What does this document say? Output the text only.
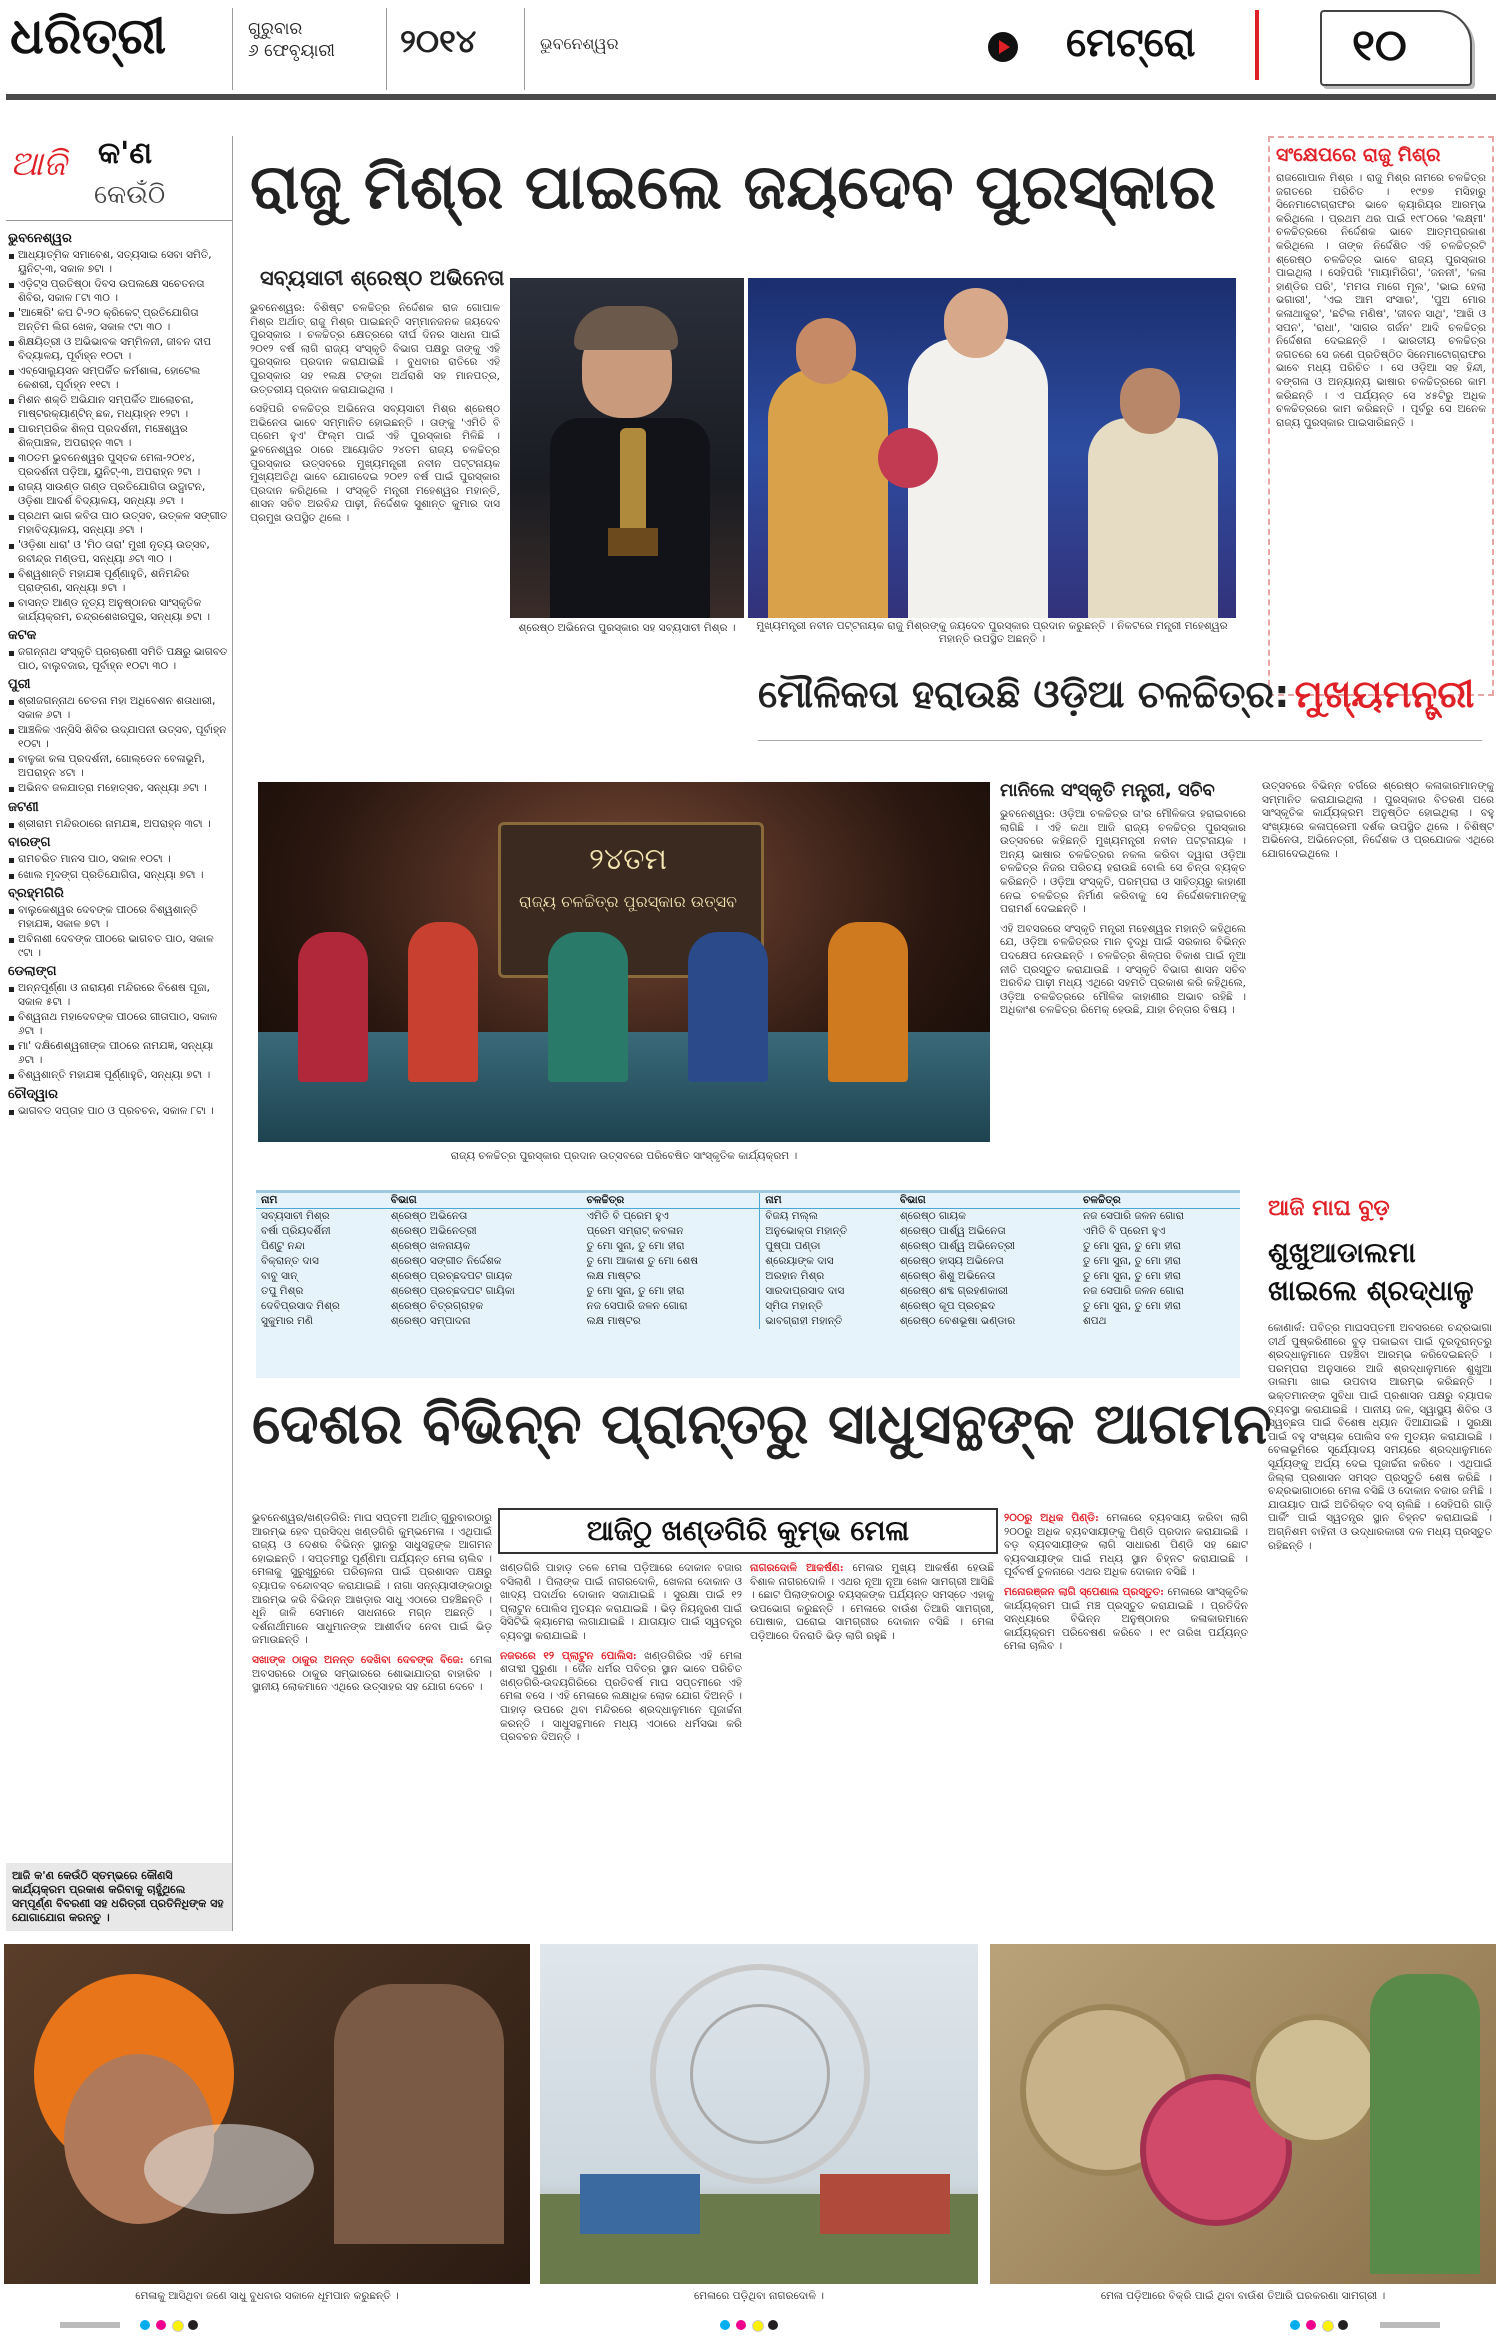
ଧରିତ୍ରୀ	ଗୁରୁବାର
୬ ଫେବୃୟାରୀ	୨୦୧୪	ଭୁବନେଶ୍ୱର	ମେଟ୍ରୋ	୧୦
ଆଜି କ'ଣ
କେଉଁଠି
ଭୁବନେଶ୍ୱର
ଆଧ୍ୟାତ୍ମିକ ସମାବେଶ, ସତ୍ୟସାଇ ସେବା ସମିତି, ୟୁନିଟ୍-୩, ସକାଳ ୭ଟା ।
ଏଡ଼ିଟ୍ସ ପ୍ରତିଷ୍ଠା ଦିବସ ଉପଲକ୍ଷେ ସଚେତନତା ଶିବିର, ସକାଳ ୮ଟା ୩୦ ।
'ଆଜ୍ଞେରି' କପ ଟି-୨୦ କ୍ରିକେଟ୍ ପ୍ରତିଯୋଗିତା ଅନ୍ତିମ ଲିଗ ଖେଳ, ସକାଳ ୯ଟା ୩୦ ।
ଶିକ୍ଷୟିତ୍ରୀ ଓ ଅଭିଭାବକ ସମ୍ମିଳନୀ, ଜୀବନ ଦୀପ ବିଦ୍ୟାଳୟ, ପୂର୍ବାହ୍ନ ୧୦ଟା ।
ଏବ୍‌ସୋଲ୍ୟୁସନ ସମ୍ପର୍କିତ କର୍ମଶାଳା, ହୋଟେଲ କେଶରୀ, ପୂର୍ବାହ୍ନ ୧୧ଟା ।
ମିଶନ ଶକ୍ତି ଅଭିଯାନ ସମ୍ପର୍କିତ ଆଲୋଚନା, ମାଷ୍ଟରକ୍ୟାଣ୍ଟିନ୍ ଛକ, ମଧ୍ୟାହ୍ନ ୧୨ଟା ।
ପାରମ୍ପରିକ ଶିଳ୍ପ ପ୍ରଦର୍ଶନୀ, ମଞ୍ଚେଶ୍ୱର ଶିଳ୍ପାଞ୍ଚଳ, ଅପରାହ୍ନ ୩ଟା ।
୩୦ତମ ଭୁବନେଶ୍ୱର ପୁସ୍ତକ ମେଳା-୨୦୧୪, ପ୍ରଦର୍ଶନୀ ପଡ଼ିଆ, ୟୁନିଟ୍-୩, ଅପରାହ୍ନ ୨ଟା ।
ରାଜ୍ୟ ସାଉଣ୍ଡ ଗଣ୍ଡ ପ୍ରତିଯୋଗିତା ଉଦ୍ଘାଟନ, ଓଡ଼ିଶା ଆଦର୍ଶ ବିଦ୍ୟାଳୟ, ସନ୍ଧ୍ୟା ୬ଟା ।
ପ୍ରଥମ ଭାଗ କବିତା ପାଠ ଉତ୍ସବ, ଉତ୍କଳ ସଙ୍ଗୀତ ମହାବିଦ୍ୟାଳୟ, ସନ୍ଧ୍ୟା ୬ଟା ।
'ଓଡ଼ିଶା ଧାରା' ଓ 'ମିଠ ତାରା' ମୁଖୀ ନୃତ୍ୟ ଉତ୍ସବ, ରବୀନ୍ଦ୍ର ମଣ୍ଡପ, ସନ୍ଧ୍ୟା ୬ଟା ୩୦ ।
ବିଶ୍ୱଶାନ୍ତି ମହାଯଜ୍ଞ ପୂର୍ଣ୍ଣାହୁତି, ଶନିମନ୍ଦିର ପ୍ରାଙ୍ଗଣ, ସନ୍ଧ୍ୟା ୭ଟା ।
ବାସନ୍ତ ଆଣ୍ଡ ନୃତ୍ୟ ଅନୁଷ୍ଠାନର ସାଂସ୍କୃତିକ କାର୍ଯ୍ୟକ୍ରମ, ଚନ୍ଦ୍ରଶେଖରପୁର, ସନ୍ଧ୍ୟା ୭ଟା ।
କଟକ
ଜଗନ୍ନାଥ ସଂସ୍କୃତି ପ୍ରଚାରଣୀ ସମିତି ପକ୍ଷରୁ ଭାଗବତ ପାଠ, ବାଲୁବଜାର, ପୂର୍ବାହ୍ନ ୧୦ଟା ୩୦ ।
ପୁରୀ
ଶ୍ରୀଜଗନ୍ନାଥ ଚେତନା ମହା ଅଧିବେଶନ ଶତାଧାରୀ, ସକାଳ ୬ଟା ।
ଆଞ୍ଚଳିକ ଏନ୍‌ସିସି ଶିବିର ଉଦ୍ଯାପନୀ ଉତ୍ସବ, ପୂର୍ବାହ୍ନ ୧୦ଟା ।
ବାଳୁକା କଳା ପ୍ରଦର୍ଶନୀ, ଗୋଲ୍ଡେନ ବେଳାଭୂମି, ଅପରାହ୍ନ ୪ଟା ।
ଅଭିନବ ଜଳଯାତ୍ରା ମହୋତ୍ସବ, ସନ୍ଧ୍ୟା ୬ଟା ।
ଜଟଣୀ
ଶ୍ରୀରାମ ମନ୍ଦିରଠାରେ ନାମଯଜ୍ଞ, ଅପରାହ୍ନ ୩ଟା ।
ବାରଙ୍ଗ
ରାମଚରିତ ମାନସ ପାଠ, ସକାଳ ୧୦ଟା ।
ଖୋଲ ମୃଦଙ୍ଗ ପ୍ରତିଯୋଗିତା, ସନ୍ଧ୍ୟା ୭ଟା ।
ବ୍ରହ୍ମଗିରି
ବାଲୁକେଶ୍ୱର ଦେବଙ୍କ ପୀଠରେ ବିଶ୍ୱଶାନ୍ତି ମହାଯଜ୍ଞ, ସକାଳ ୭ଟା ।
ଅବିନାଶୀ ଦେବଙ୍କ ପୀଠରେ ଭାଗବତ ପାଠ, ସକାଳ ୯ଟା ।
ଡେଲାଙ୍ଗ
ଅନ୍ନପୂର୍ଣ୍ଣା ଓ ନାରାୟଣ ମନ୍ଦିରରେ ବିଶେଷ ପୂଜା, ସକାଳ ୫ଟା ।
ବିଶ୍ୱନାଥ ମହାଦେବଙ୍କ ପୀଠରେ ଗୀତାପାଠ, ସକାଳ ୬ଟା ।
ମା' ଦକ୍ଷିଣେଶ୍ୱରୀଙ୍କ ପୀଠରେ ନାମଯଜ୍ଞ, ସନ୍ଧ୍ୟା ୬ଟା ।
ବିଶ୍ୱଶାନ୍ତି ମହାଯଜ୍ଞ ପୂର୍ଣ୍ଣାହୁତି, ସନ୍ଧ୍ୟା ୭ଟା ।
ଚୌଦ୍ୱାର
ଭାଗବତ ସପ୍ତାହ ପାଠ ଓ ପ୍ରବଚନ, ସକାଳ ୮ଟା ।
ଆଜି କ'ଣ କେଉଁଠି ସ୍ତମ୍ଭରେ କୌଣସି କାର୍ଯ୍ୟକ୍ରମ ପ୍ରକାଶ କରିବାକୁ ଚାହୁଁଥିଲେ ସମ୍ପୂର୍ଣ୍ଣ ବିବରଣୀ ସହ ଧରିତ୍ରୀ ପ୍ରତିନିଧିଙ୍କ ସହ ଯୋଗାଯୋଗ କରନ୍ତୁ ।
ରାଜୁ ମିଶ୍ର ପାଇଲେ ଜୟଦେବ ପୁରସ୍କାର
ସବ୍ୟସାଚୀ ଶ୍ରେଷ୍ଠ ଅଭିନେତା

ଭୁବନେଶ୍ୱର: ବିଶିଷ୍ଟ ଚଳଚ୍ଚିତ୍ର ନିର୍ଦ୍ଦେଶକ ରାଜ ଗୋପାଳ ମିଶ୍ର ଅର୍ଥାତ୍ ରାଜୁ ମିଶ୍ର ପାଇଛନ୍ତି ସମ୍ମାନଜନକ ଜୟଦେବ ପୁରସ୍କାର । ଚଳଚ୍ଚିତ୍ର କ୍ଷେତ୍ରରେ ଦୀର୍ଘ ଦିନର ସାଧନା ପାଇଁ ୨୦୧୨ ବର୍ଷ ଲାଗି ରାଜ୍ୟ ସଂସ୍କୃତି ବିଭାଗ ପକ୍ଷରୁ ତାଙ୍କୁ ଏହି ପୁରସ୍କାର ପ୍ରଦାନ କରାଯାଇଛି । ବୁଧବାର ରାତିରେ ଏହି ପୁରସ୍କାର ସହ ୧ଲକ୍ଷ ଟଙ୍କା ଅର୍ଥରାଶି ସହ ମାନପତ୍ର, ଉତ୍ତରୀୟ ପ୍ରଦାନ କରାଯାଇଥିଲା ।

ସେହିପରି ଚଳଚ୍ଚିତ୍ର ଅଭିନେତା ସବ୍ୟସାଚୀ ମିଶ୍ର ଶ୍ରେଷ୍ଠ ଅଭିନେତା ଭାବେ ସମ୍ମାନିତ ହୋଇଛନ୍ତି । ତାଙ୍କୁ 'ଏମିତି ବି ପ୍ରେମ ହୁଏ' ଫିଲ୍ମ ପାଇଁ ଏହି ପୁରସ୍କାର ମିଳିଛି । ଭୁବନେଶ୍ୱର ଠାରେ ଆୟୋଜିତ ୨୪ତମ ରାଜ୍ୟ ଚଳଚ୍ଚିତ୍ର ପୁରସ୍କାର ଉତ୍ସବରେ ମୁଖ୍ୟମନ୍ତ୍ରୀ ନବୀନ ପଟ୍ଟନାୟକ ମୁଖ୍ୟଅତିଥି ଭାବେ ଯୋଗଦେଇ ୨୦୧୨ ବର୍ଷ ପାଇଁ ପୁରସ୍କାର ପ୍ରଦାନ କରିଥିଲେ । ସଂସ୍କୃତି ମନ୍ତ୍ରୀ ମହେଶ୍ୱର ମହାନ୍ତି, ଶାସନ ସଚିବ ଅରବିନ୍ଦ ପାଢ଼ୀ, ନିର୍ଦ୍ଦେଶକ ସୁଶାନ୍ତ କୁମାର ଦାସ ପ୍ରମୁଖ ଉପସ୍ଥିତ ଥିଲେ ।

ଶ୍ରେଷ୍ଠ ଅଭିନେତା ପୁରସ୍କାର ସହ ସବ୍ୟସାଚୀ ମିଶ୍ର ।	ମୁଖ୍ୟମନ୍ତ୍ରୀ ନବୀନ ପଟ୍ଟନାୟକ ରାଜୁ ମିଶ୍ରଙ୍କୁ ଜୟଦେବ ପୁରସ୍କାର ପ୍ରଦାନ କରୁଛନ୍ତି । ନିକଟରେ ମନ୍ତ୍ରୀ ମହେଶ୍ୱର ମହାନ୍ତି ଉପସ୍ଥିତ ଅଛନ୍ତି ।
ସଂକ୍ଷେପରେ ରାଜୁ ମିଶ୍ର
ରାଜଗୋପାଳ ମିଶ୍ର । ରାଜୁ ମିଶ୍ର ନାମରେ ଚଳଚ୍ଚିତ୍ର ଜଗତରେ ପରିଚିତ । ୧୯୭୭ ମସିହାରୁ ସିନେମାଟୋଗ୍ରାଫର ଭାବେ କ୍ୟାରିୟର ଆରମ୍ଭ କରିଥିଲେ । ପ୍ରଥମ ଥର ପାଇଁ ୧୯୮୦ରେ 'ଲକ୍ଷ୍ମୀ' ଚଳଚ୍ଚିତ୍ରରେ ନିର୍ଦ୍ଦେଶକ ଭାବେ ଆତ୍ମପ୍ରକାଶ କରିଥିଲେ । ତାଙ୍କ ନିର୍ଦ୍ଦେଶିତ ଏହି ଚଳଚ୍ଚିତ୍ରଟି ଶ୍ରେଷ୍ଠ ଚଳଚ୍ଚିତ୍ର ଭାବେ ରାଜ୍ୟ ପୁରସ୍କାର ପାଇଥିଲା । ସେହିପରି 'ମାୟାମିରିଗ', 'ଜନନୀ', 'କଳା ହାଣ୍ଡିର ପରି', 'ମମତା ମାଗେ ମୂଲ', 'ଭାଇ ହେଲା ଭଗାରୀ', 'ଏଇ ଆମ ସଂସାର', 'ପୁଅ ମୋର କଳାଥାକୁର', 'ଛଟିଲ ମଣିଷ', 'ଜୀବନ ସାଥି', 'ଆଖି ଓ ସପନ', 'ରାଧା', 'ସାଗର ଗର୍ଜନ' ଆଦି ଚଳଚ୍ଚିତ୍ର ନିର୍ଦ୍ଦେଶନା ଦେଇଛନ୍ତି । ଭାରତୀୟ ଚଳଚ୍ଚିତ୍ର ଜଗତରେ ସେ ଜଣେ ପ୍ରତିଷ୍ଠିତ ସିନେମାଟୋଗ୍ରାଫର ଭାବେ ମଧ୍ୟ ପରିଚିତ । ସେ ଓଡ଼ିଆ ସହ ହିନ୍ଦୀ, ବଙ୍ଗଳା ଓ ଅନ୍ୟାନ୍ୟ ଭାଷାର ଚଳଚ୍ଚିତ୍ରରେ କାମ କରିଛନ୍ତି । ଏ ପର୍ଯ୍ୟନ୍ତ ସେ ୪୫ଟିରୁ ଅଧିକ ଚଳଚ୍ଚିତ୍ରରେ କାମ କରିଛନ୍ତି । ପୂର୍ବରୁ ସେ ଅନେକ ରାଜ୍ୟ ପୁରସ୍କାର ପାଇସାରିଛନ୍ତି ।
ମୌଳିକତା ହରାଉଛି ଓଡ଼ିଆ ଚଳଚ୍ଚିତ୍ର: ମୁଖ୍ୟମନ୍ତ୍ରୀ
୨୪ତମ
ରାଜ୍ୟ ଚଳଚ୍ଚିତ୍ର ପୁରସ୍କାର ଉତ୍ସବ
ରାଜ୍ୟ ଚଳଚ୍ଚିତ୍ର ପୁରସ୍କାର ପ୍ରଦାନ ଉତ୍ସବରେ ପରିବେଷିତ ସାଂସ୍କୃତିକ କାର୍ଯ୍ୟକ୍ରମ ।
ମାନିଲେ ସଂସ୍କୃତି ମନ୍ତ୍ରୀ, ସଚିବ

ଭୁବନେଶ୍ୱର: ଓଡ଼ିଆ ଚଳଚ୍ଚିତ୍ର ତା'ର ମୌଳିକତା ହରାଇବାରେ ଲାଗିଛି । ଏହି କଥା ଆଜି ରାଜ୍ୟ ଚଳଚ୍ଚିତ୍ର ପୁରସ୍କାର ଉତ୍ସବରେ କହିଛନ୍ତି ମୁଖ୍ୟମନ୍ତ୍ରୀ ନବୀନ ପଟ୍ଟନାୟକ । ଅନ୍ୟ ଭାଷାର ଚଳଚ୍ଚିତ୍ରର ନକଲ କରିବା ଦ୍ୱାରା ଓଡ଼ିଆ ଚଳଚ୍ଚିତ୍ର ନିଜର ପରିଚୟ ହରାଉଛି ବୋଲି ସେ ଚିନ୍ତା ବ୍ୟକ୍ତ କରିଛନ୍ତି । ଓଡ଼ିଆ ସଂସ୍କୃତି, ପରମ୍ପରା ଓ ସାହିତ୍ୟରୁ କାହାଣୀ ନେଇ ଚଳଚ୍ଚିତ୍ର ନିର୍ମାଣ କରିବାକୁ ସେ ନିର୍ଦ୍ଦେଶକମାନଙ୍କୁ ପରାମର୍ଶ ଦେଇଛନ୍ତି ।

ଏହି ଅବସରରେ ସଂସ୍କୃତି ମନ୍ତ୍ରୀ ମହେଶ୍ୱର ମହାନ୍ତି କହିଥିଲେ ଯେ, ଓଡ଼ିଆ ଚଳଚ୍ଚିତ୍ରର ମାନ ବୃଦ୍ଧି ପାଇଁ ସରକାର ବିଭିନ୍ନ ପଦକ୍ଷେପ ନେଉଛନ୍ତି । ଚଳଚ୍ଚିତ୍ର ଶିଳ୍ପର ବିକାଶ ପାଇଁ ନୂଆ ନୀତି ପ୍ରସ୍ତୁତ କରାଯାଉଛି । ସଂସ୍କୃତି ବିଭାଗ ଶାସନ ସଚିବ ଅରବିନ୍ଦ ପାଢ଼ୀ ମଧ୍ୟ ଏଥିରେ ସହମତି ପ୍ରକାଶ କରି କହିଥିଲେ, ଓଡ଼ିଆ ଚଳଚ୍ଚିତ୍ରରେ ମୌଳିକ କାହାଣୀର ଅଭାବ ରହିଛି । ଅଧିକାଂଶ ଚଳଚ୍ଚିତ୍ର ରିମେକ୍ ହେଉଛି, ଯାହା ଚିନ୍ତାର ବିଷୟ ।

ଉତ୍ସବରେ ବିଭିନ୍ନ ବର୍ଗରେ ଶ୍ରେଷ୍ଠ କଳାକାରମାନଙ୍କୁ ସମ୍ମାନିତ କରାଯାଇଥିଲା । ପୁରସ୍କାର ବିତରଣ ପରେ ସାଂସ୍କୃତିକ କାର୍ଯ୍ୟକ୍ରମ ଅନୁଷ୍ଠିତ ହୋଇଥିଲା । ବହୁ ସଂଖ୍ୟାରେ କଳାପ୍ରେମୀ ଦର୍ଶକ ଉପସ୍ଥିତ ଥିଲେ । ବିଶିଷ୍ଟ ଅଭିନେତା, ଅଭିନେତ୍ରୀ, ନିର୍ଦ୍ଦେଶକ ଓ ପ୍ରଯୋଜକ ଏଥିରେ ଯୋଗଦେଇଥିଲେ ।

ନାମ	ବିଭାଗ	ଚଳଚ୍ଚିତ୍ର	ନାମ	ବିଭାଗ	ଚଳଚ୍ଚିତ୍ର
ସବ୍ୟସାଚୀ ମିଶ୍ର	ଶ୍ରେଷ୍ଠ ଅଭିନେତା	ଏମିତି ବି ପ୍ରେମ ହୁଏ	ବିଜୟ ମଲ୍ଲ	ଶ୍ରେଷ୍ଠ ଗାୟକ	ନଜ ସେପାରି ଜଳନ ଗୋରା
ବର୍ଷା ପ୍ରିୟଦର୍ଶିନୀ	ଶ୍ରେଷ୍ଠ ଅଭିନେତ୍ରୀ	ପ୍ରେମ ସମ୍ରାଟ୍ କବଳାନ	ଅନୁଭୋକ୍ତା ମହାନ୍ତି	ଶ୍ରେଷ୍ଠ ପାର୍ଶ୍ୱ ଅଭିନେତା	ଏମିତି ବି ପ୍ରେମ ହୁଏ
ପିଣ୍ଟୁ ନନ୍ଦା	ଶ୍ରେଷ୍ଠ ଖଳନାୟକ	ତୁ ମୋ ସୁନା, ତୁ ମୋ ହୀରା	ପୁଷ୍ପା ପଣ୍ଡା	ଶ୍ରେଷ୍ଠ ପାର୍ଶ୍ୱ ଅଭିନେତ୍ରୀ	ତୁ ମୋ ସୁନା, ତୁ ମୋ ହୀରା
ବିକ୍ରାନ୍ତ ଦାସ	ଶ୍ରେଷ୍ଠ ସଙ୍ଗୀତ ନିର୍ଦ୍ଦେଶକ	ତୁ ମୋ ଆକାଶ ତୁ ମୋ ଶେଷ	ଶ୍ରେୟାଙ୍କ ଦାସ	ଶ୍ରେଷ୍ଠ ହାସ୍ୟ ଅଭିନେତା	ତୁ ମୋ ସୁନା, ତୁ ମୋ ହୀରା
ବାବୁ ସାନ୍	ଶ୍ରେଷ୍ଠ ପ୍ରଚ୍ଛଦପଟ ଗାୟକ	ଲକ୍ଷ ମାଷ୍ଟର	ଅରହାନ ମିଶ୍ର	ଶ୍ରେଷ୍ଠ ଶିଶୁ ଅଭିନେତା	ତୁ ମୋ ସୁନା, ତୁ ମୋ ହୀରା
ତପୁ ମିଶ୍ର	ଶ୍ରେଷ୍ଠ ପ୍ରଚ୍ଛଦପଟ ଗାୟିକା	ତୁ ମୋ ସୁନା, ତୁ ମୋ ହୀରା	ସାରଦାପ୍ରସାଦ ଦାସ	ଶ୍ରେଷ୍ଠ ଶବ୍ଦ ଗ୍ରହଣକାରୀ	ନଜ ସେପାରି ଜଳନ ଗୋରା
ଦେବିପ୍ରସାଦ ମିଶ୍ର	ଶ୍ରେଷ୍ଠ ଚିତ୍ରଗ୍ରାହକ	ନଜ ସେପାରି ଜଳନ ଗୋରା	ସ୍ମିତା ମହାନ୍ତି	ଶ୍ରେଷ୍ଠ କୂପ ପ୍ରଚ୍ଛଦ	ତୁ ମୋ ସୁନା, ତୁ ମୋ ହୀରା
ସୁକୁମାର ମଣି	ଶ୍ରେଷ୍ଠ ସମ୍ପାଦନା	ଲକ୍ଷ ମାଷ୍ଟର	ଭାବଗ୍ରାହୀ ମହାନ୍ତି	ଶ୍ରେଷ୍ଠ ବେଶଭୂଷା ଭଣ୍ଡାର	ଶପଥ
ଆଜି ମାଘ ବୁଡ଼
ଶୁଖୁଆଡାଲମା ଖାଇଲେ ଶ୍ରଦ୍ଧାଳୁ
କୋଣାର୍କ: ପବିତ୍ର ମାଘସପ୍ତମୀ ଅବସରରେ ଚନ୍ଦ୍ରଭାଗା ତୀର୍ଥ ପୁଷ୍କରିଣୀରେ ବୁଡ଼ ପକାଇବା ପାଇଁ ଦୂରଦୂରାନ୍ତରୁ ଶ୍ରଦ୍ଧାଳୁମାନେ ପହଞ୍ଚିବା ଆରମ୍ଭ କରିଦେଇଛନ୍ତି । ପରମ୍ପରା ଅନୁସାରେ ଆଜି ଶ୍ରଦ୍ଧାଳୁମାନେ ଶୁଖୁଆ ଡାଲମା ଖାଇ ଉପବାସ ଆରମ୍ଭ କରିଛନ୍ତି । ଭକ୍ତମାନଙ୍କ ସୁବିଧା ପାଇଁ ପ୍ରଶାସନ ପକ୍ଷରୁ ବ୍ୟାପକ ବ୍ୟବସ୍ଥା କରାଯାଇଛି । ପାନୀୟ ଜଳ, ସ୍ୱାସ୍ଥ୍ୟ ଶିବିର ଓ ସ୍ୱଚ୍ଛତା ପାଇଁ ବିଶେଷ ଧ୍ୟାନ ଦିଆଯାଇଛି । ସୁରକ୍ଷା ପାଇଁ ବହୁ ସଂଖ୍ୟକ ପୋଲିସ ବଳ ମୁତୟନ କରାଯାଇଛି । ବେଳାଭୂମିରେ ସୂର୍ଯ୍ୟୋଦୟ ସମୟରେ ଶ୍ରଦ୍ଧାଳୁମାନେ ସୂର୍ଯ୍ୟଙ୍କୁ ଅର୍ଘ୍ୟ ଦେଇ ପୂଜାର୍ଚ୍ଚନା କରିବେ । ଏଥିପାଇଁ ଜିଲ୍ଲା ପ୍ରଶାସନ ସମସ୍ତ ପ୍ରସ୍ତୁତି ଶେଷ କରିଛି । ଚନ୍ଦ୍ରଭାଗାଠାରେ ମେଳା ବସିଛି ଓ ଦୋକାନ ବଜାର ଜମିଛି । ଯାତାୟାତ ପାଇଁ ଅତିରିକ୍ତ ବସ୍ ଚାଲିଛି । ସେହିପରି ଗାଡ଼ି ପାର୍କିଂ ପାଇଁ ସ୍ୱତନ୍ତ୍ର ସ୍ଥାନ ଚିହ୍ନଟ କରାଯାଇଛି । ଅଗ୍ନିଶମ ବାହିନୀ ଓ ଉଦ୍ଧାରକାରୀ ଦଳ ମଧ୍ୟ ପ୍ରସ୍ତୁତ ରହିଛନ୍ତି ।
ଦେଶର ବିଭିନ୍ନ ପ୍ରାନ୍ତରୁ ସାଧୁସନ୍ଥଙ୍କ ଆଗମନ
ଆଜିଠୁ ଖଣ୍ଡଗିରି କୁମ୍ଭ ମେଳା

ଭୁବନେଶ୍ୱର/ଖଣ୍ଡଗିରି: ମାଘ ସପ୍ତମୀ ଅର୍ଥାତ୍ ଗୁରୁବାରଠାରୁ ଆରମ୍ଭ ହେବ ପ୍ରସିଦ୍ଧ ଖଣ୍ଡଗିରି କୁମ୍ଭମେଳା । ଏଥିପାଇଁ ରାଜ୍ୟ ଓ ଦେଶର ବିଭିନ୍ନ ସ୍ଥାନରୁ ସାଧୁସନ୍ଥଙ୍କ ଆଗମନ ହୋଇଛନ୍ତି । ସପ୍ତମୀରୁ ପୂର୍ଣ୍ଣିମା ପର୍ଯ୍ୟନ୍ତ ମେଳା ଚାଲିବ । ମେଳାକୁ ସୁରୁଖୁରୁରେ ପରିଚାଳନା ପାଇଁ ପ୍ରଶାସନ ପକ୍ଷରୁ ବ୍ୟାପକ ବନ୍ଦୋବସ୍ତ କରାଯାଇଛି । ନାଗା ସନ୍ନ୍ୟାସୀଙ୍କଠାରୁ ଆରମ୍ଭ କରି ବିଭିନ୍ନ ଆଖଡ଼ାର ସାଧୁ ଏଠାରେ ପହଞ୍ଚିଛନ୍ତି । ଧୂନି ଜାଳି ସେମାନେ ସାଧନାରେ ମଗ୍ନ ଅଛନ୍ତି । ଦର୍ଶନାର୍ଥୀମାନେ ସାଧୁମାନଙ୍କ ଆଶୀର୍ବାଦ ନେବା ପାଇଁ ଭିଡ଼ ଜମାଉଛନ୍ତି ।

ସଖାଙ୍କ ଠାକୁର ଅନନ୍ତ ଦେଖିବା ଦେବଙ୍କ ବିଜେ: ମେଳା ଅବସରରେ ଠାକୁର ସମ୍ଭାରରେ ଶୋଭାଯାତ୍ରା ବାହାରିବ । ସ୍ଥାନୀୟ ଲୋକମାନେ ଏଥିରେ ଉତ୍ସାହର ସହ ଯୋଗ ଦେବେ ।

ଖଣ୍ଡଗିରି ପାହାଡ଼ ତଳେ ମେଳା ପଡ଼ିଆରେ ଦୋକାନ ବଜାର ବସିଲାଣି । ପିଲାଙ୍କ ପାଇଁ ନାଗରଦୋଳି, ଖେଳନା ଦୋକାନ ଓ ଖାଦ୍ୟ ପଦାର୍ଥର ଦୋକାନ ସଜାଯାଇଛି । ସୁରକ୍ଷା ପାଇଁ ୧୨ ପ୍ଲାଟୁନ ପୋଲିସ ମୁତୟନ କରାଯାଇଛି । ଭିଡ଼ ନିୟନ୍ତ୍ରଣ ପାଇଁ ସିସିଟିଭି କ୍ୟାମେରା ଲଗାଯାଇଛି । ଯାତାୟାତ ପାଇଁ ସ୍ୱତନ୍ତ୍ର ବ୍ୟବସ୍ଥା କରାଯାଇଛି ।

ନଜରରେ ୧୨ ପ୍ଲାଟୁନ ପୋଲିସ: ଖଣ୍ଡଗିରିର ଏହି ମେଳା ଶତାବ୍ଦୀ ପୁରୁଣା । ଜୈନ ଧର୍ମର ପବିତ୍ର ସ୍ଥାନ ଭାବେ ପରିଚିତ ଖଣ୍ଡଗିରି-ଉଦୟଗିରିରେ ପ୍ରତିବର୍ଷ ମାଘ ସପ୍ତମୀରେ ଏହି ମେଳା ବସେ । ଏହି ମେଳାରେ ଲକ୍ଷାଧିକ ଲୋକ ଯୋଗ ଦିଅନ୍ତି । ପାହାଡ଼ ଉପରେ ଥିବା ମନ୍ଦିରରେ ଶ୍ରଦ୍ଧାଳୁମାନେ ପୂଜାର୍ଚ୍ଚନା କରନ୍ତି । ସାଧୁସନ୍ଥମାନେ ମଧ୍ୟ ଏଠାରେ ଧର୍ମସଭା କରି ପ୍ରବଚନ ଦିଅନ୍ତି ।

ନାଗରଦୋଳି ଆକର୍ଷଣ: ମେଳାର ମୁଖ୍ୟ ଆକର୍ଷଣ ହେଉଛି ବିଶାଳ ନାଗରଦୋଳି । ଏଥର ନୂଆ ନୂଆ ଖେଳ ସାମଗ୍ରୀ ଆସିଛି । ଛୋଟ ପିଲାଙ୍କଠାରୁ ବୟସ୍କଙ୍କ ପର୍ଯ୍ୟନ୍ତ ସମସ୍ତେ ଏହାକୁ ଉପଭୋଗ କରୁଛନ୍ତି । ମେଳାରେ ବାଉଁଶ ତିଆରି ସାମଗ୍ରୀ, ପୋଷାକ, ଘରୋଇ ସାମଗ୍ରୀର ଦୋକାନ ବସିଛି । ମେଳା ପଡ଼ିଆରେ ଦିନରାତି ଭିଡ଼ ଲାଗି ରହୁଛି ।

୨୦୦ରୁ ଅଧିକ ପିଣ୍ଡି: ମେଳାରେ ବ୍ୟବସାୟ କରିବା ଲାଗି ୨୦୦ରୁ ଅଧିକ ବ୍ୟବସାୟୀଙ୍କୁ ପିଣ୍ଡି ପ୍ରଦାନ କରାଯାଇଛି । ବଡ଼ ବ୍ୟବସାୟୀଙ୍କ ଲାଗି ସାଧାରଣ ପିଣ୍ଡି ସହ ଛୋଟ ବ୍ୟବସାୟୀଙ୍କ ପାଇଁ ମଧ୍ୟ ସ୍ଥାନ ଚିହ୍ନଟ କରାଯାଇଛି । ପୂର୍ବବର୍ଷ ତୁଳନାରେ ଏଥର ଅଧିକ ଦୋକାନ ବସିଛି ।

ମନୋରଞ୍ଜନ ଲାଗି ସ୍ପେଶାଲ ପ୍ରସ୍ତୁତ: ମେଳାରେ ସାଂସ୍କୃତିକ କାର୍ଯ୍ୟକ୍ରମ ପାଇଁ ମଞ୍ଚ ପ୍ରସ୍ତୁତ କରାଯାଇଛି । ପ୍ରତିଦିନ ସନ୍ଧ୍ୟାରେ ବିଭିନ୍ନ ଅନୁଷ୍ଠାନର କଳାକାରମାନେ କାର୍ଯ୍ୟକ୍ରମ ପରିବେଷଣ କରିବେ । ୧୯ ତାରିଖ ପର୍ଯ୍ୟନ୍ତ ମେଳା ଚାଲିବ ।

ମେଳାକୁ ଆସିଥିବା ଜଣେ ସାଧୁ ବୁଧବାର ସକାଳେ ଧୂମପାନ କରୁଛନ୍ତି ।	ମେଳାରେ ପଡ଼ିଥିବା ନାଗରଦୋଳି ।	ମେଳା ପଡ଼ିଆରେ ବିକ୍ରି ପାଇଁ ଥିବା ବାଉଁଶ ତିଆରି ଘରକରଣା ସାମଗ୍ରୀ ।
